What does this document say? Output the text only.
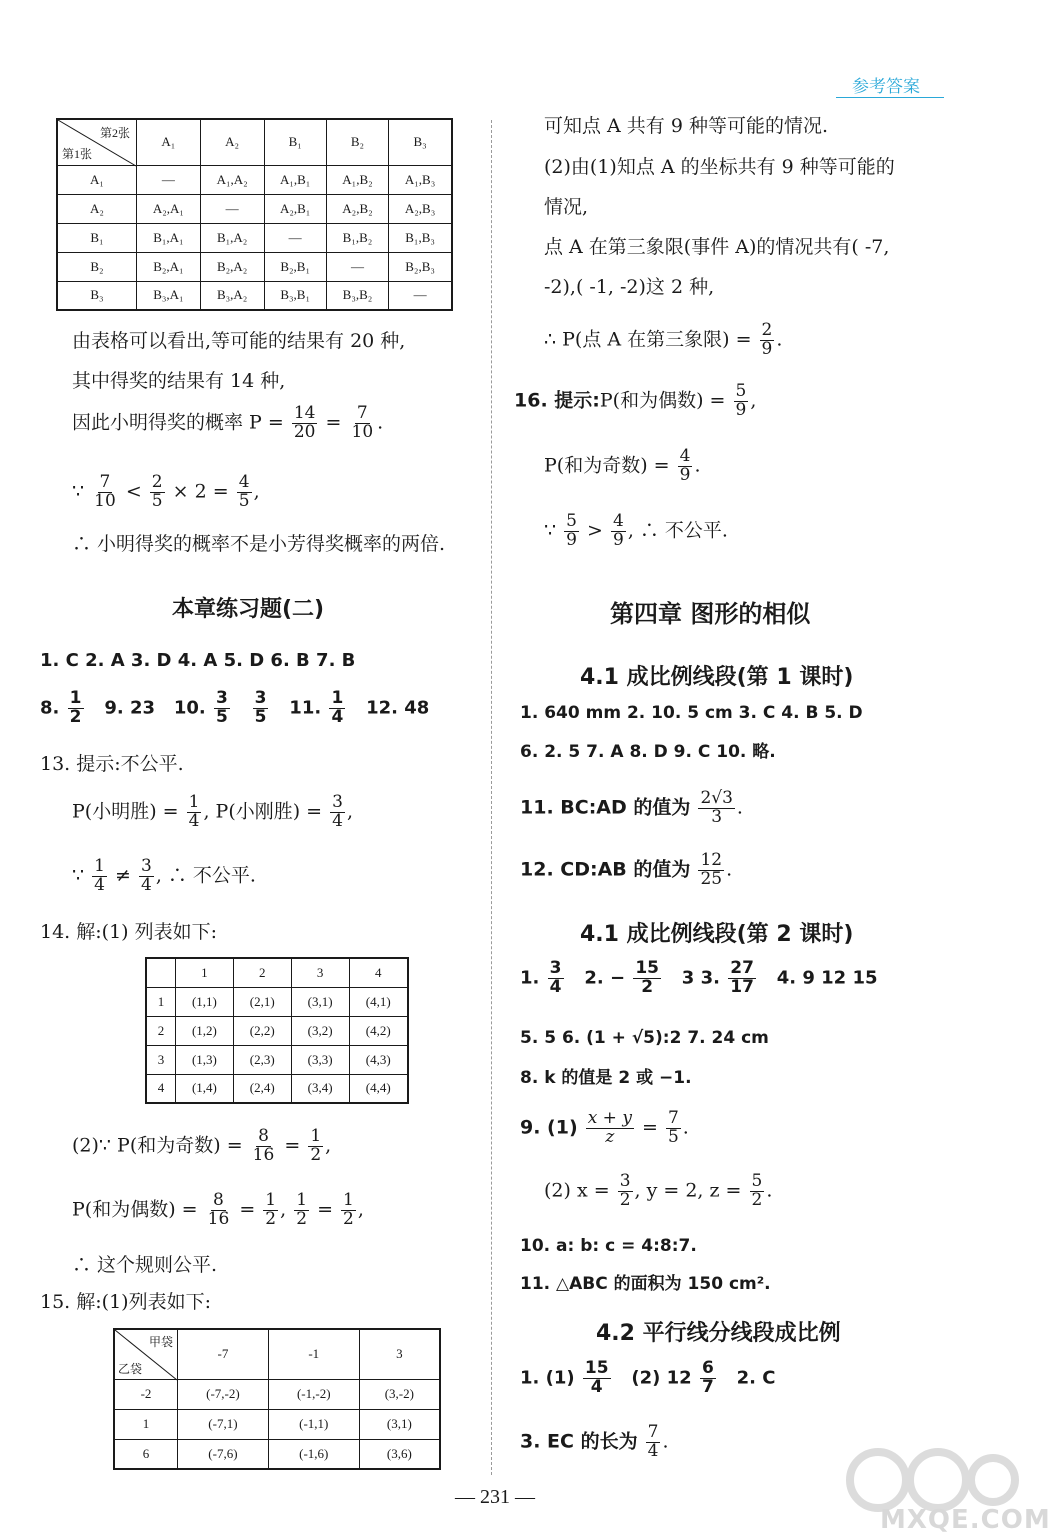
参考答案
第2张
第1张	A₁	A₂	B₁	B₂	B₃
A₁	—	A₁,A₂	A₁,B₁	A₁,B₂	A₁,B₃
A₂	A₂,A₁	—	A₂,B₁	A₂,B₂	A₂,B₃
B₁	B₁,A₁	B₁,A₂	—	B₁,B₂	B₁,B₃
B₂	B₂,A₁	B₂,A₂	B₂,B₁	—	B₂,B₃
B₃	B₃,A₁	B₃,A₂	B₃,B₁	B₃,B₂	—
由表格可以看出,等可能的结果有 20 种,
其中得奖的结果有 14 种,
因此小明得奖的概率 $P = \frac{14}{20} = \frac{7}{10}$ .
∵ $\frac{7}{10} < \frac{2}{5} \times 2 = \frac{4}{5}$ ,
∴ 小明得奖的概率不是小芳得奖概率的两倍.
本章练习题(二)
1. C 2. A 3. D 4. A 5. D 6. B 7. B
8. $\frac{1}{2} 9$. 23 10. $\frac{3}{5}$
$\frac{3}{5} 11$. $\frac{1}{4} 12$. 48
13. 提示:不公平.
P(小明胜) = $\frac{1}{4}$ , P(小刚胜) = $\frac{3}{4}$ ,
∵ $\frac{1}{4} \ne \frac{3}{4}$ , ∴ 不公平.
14. 解:(1) 列表如下:
	1	2	3	4
1	(1,1)	(2,1)	(3,1)	(4,1)
2	(1,2)	(2,2)	(3,2)	(4,2)
3	(1,3)	(2,3)	(3,3)	(4,3)
4	(1,4)	(2,4)	(3,4)	(4,4)
(2)∵ P(和为奇数) = $\frac{8}{16} = \frac{1}{2}$ ,
P(和为偶数) = $\frac{8}{16} = \frac{1}{2}$ , $\frac{1}{2} = \frac{1}{2}$ ,
∴ 这个规则公平.
15. 解:(1)列表如下:
甲袋
乙袋	-7	-1	3
-2	(-7,-2)	(-1,-2)	(3,-2)
1	(-7,1)	(-1,1)	(3,1)
6	(-7,6)	(-1,6)	(3,6)
可知点 A 共有 9 种等可能的情况.
(2)由(1)知点 A 的坐标共有 9 种等可能的
情况,
点 A 在第三象限(事件 A)的情况共有( -7,
-2),( -1, -2)这 2 种,
∴ P(点 A 在第三象限) = $\frac{2}{9}$ .
16. 提示:P(和为偶数) = $\frac{5}{9}$ ,
P(和为奇数) = $\frac{4}{9}$ .
∵ $\frac{5}{9} > \frac{4}{9}$ , ∴ 不公平.
第四章 图形的相似
4.1 成比例线段(第 1 课时)
1. 640 mm 2. 10. 5 cm 3. C 4. B 5. D
6. 2. 5 7. A 8. D 9. C 10. 略.
11. BC:AD 的值为 $\frac{2√3}{3}$ .
12. CD:AB 的值为 $\frac{12}{25}$ .
4.1 成比例线段(第 2 课时)
1. $\frac{3}{4} 2$. − $\frac{15}{2} 3$ 3. $\frac{27}{17} 4$. 9 12 15
5. 5 6. (1 + √5):2 7. 24 cm
8. k 的值是 2 或 −1.
9. $(1) \frac{x + y}{z} = \frac{7}{5}$ .
(2) $x = \frac{3}{2}$ , y = 2, $z = \frac{5}{2}$ .
10. a: b: c = 4:8:7.
11. △ABC 的面积为 150 cm².
4.2 平行线分线段成比例
1. $(1) \frac{15}{4} (2)$ $12 \frac{6}{7} 2$. C
3. EC 的长为 $\frac{7}{4}$ .
— 231 —
MXQE.COM
